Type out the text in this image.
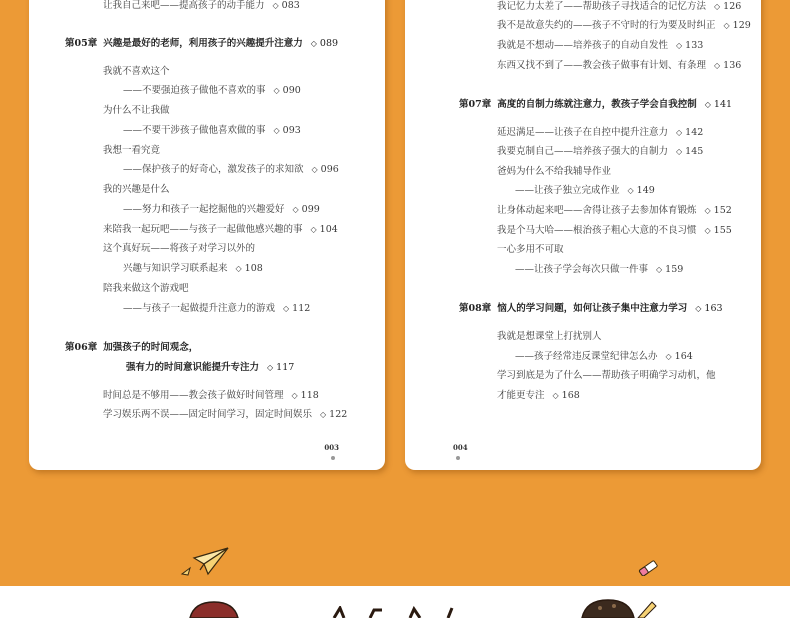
让我自己来吧——提高孩子的动手能力 ◇ 083
第05章 兴趣是最好的老师，利用孩子的兴趣提升注意力 ◇ 089
我就不喜欢这个
——不要强迫孩子做他不喜欢的事 ◇ 090
为什么不让我做
——不要干涉孩子做他喜欢做的事 ◇ 093
我想一看究竟
——保护孩子的好奇心，激发孩子的求知欲 ◇ 096
我的兴趣是什么
——努力和孩子一起挖掘他的兴趣爱好 ◇ 099
来陪我一起玩吧——与孩子一起做他感兴趣的事 ◇ 104
这个真好玩——将孩子对学习以外的
兴趣与知识学习联系起来 ◇ 108
陪我来做这个游戏吧
——与孩子一起做提升注意力的游戏 ◇ 112
第06章 加强孩子的时间观念，
强有力的时间意识能提升专注力 ◇ 117
时间总是不够用——教会孩子做好时间管理 ◇ 118
学习娱乐两不误——固定时间学习，固定时间娱乐 ◇ 122
003
我记忆力太差了——帮助孩子寻找适合的记忆方法 ◇ 126
我不是故意失约的——孩子不守时的行为要及时纠正 ◇ 129
我就是不想动——培养孩子的自动自发性 ◇ 133
东西又找不到了——教会孩子做事有计划、有条理 ◇ 136
第07章 高度的自制力练就注意力，教孩子学会自我控制 ◇ 141
延迟满足——让孩子在自控中提升注意力 ◇ 142
我要克制自己——培养孩子强大的自制力 ◇ 145
爸妈为什么不给我辅导作业
——让孩子独立完成作业 ◇ 149
让身体动起来吧——舍得让孩子去参加体育锻炼 ◇ 152
我是个马大哈——根治孩子粗心大意的不良习惯 ◇ 155
一心多用不可取
——让孩子学会每次只做一件事 ◇ 159
第08章 恼人的学习问题，如何让孩子集中注意力学习 ◇ 163
我就是想课堂上打扰别人
——孩子经常违反课堂纪律怎么办 ◇ 164
学习到底是为了什么——帮助孩子明确学习动机，他
才能更专注 ◇ 168
004
